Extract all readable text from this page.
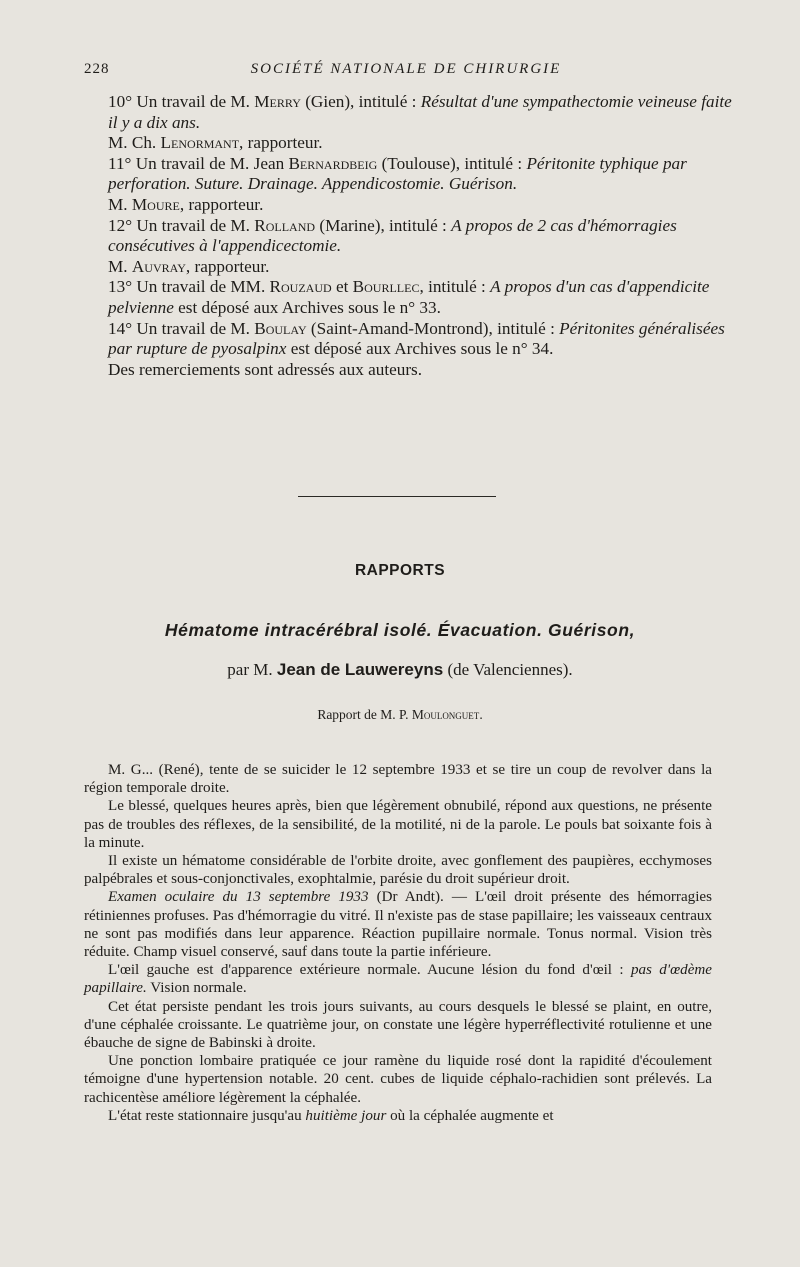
228	SOCIÉTÉ NATIONALE DE CHIRURGIE

10° Un travail de M. Merry (Gien), intitulé : Résultat d'une sympathectomie veineuse faite il y a dix ans.

M. Ch. Lenormant, rapporteur.

11° Un travail de M. Jean Bernardbeig (Toulouse), intitulé : Péritonite typhique par perforation. Suture. Drainage. Appendicostomie. Guérison.

M. Moure, rapporteur.

12° Un travail de M. Rolland (Marine), intitulé : A propos de 2 cas d'hémorragies consécutives à l'appendicectomie.

M. Auvray, rapporteur.

13° Un travail de MM. Rouzaud et Bourllec, intitulé : A propos d'un cas d'appendicite pelvienne est déposé aux Archives sous le n° 33.

14° Un travail de M. Boulay (Saint-Amand-Montrond), intitulé : Péritonites généralisées par rupture de pyosalpinx est déposé aux Archives sous le n° 34.

Des remerciements sont adressés aux auteurs.

RAPPORTS
Hématome intracérébral isolé. Évacuation. Guérison,
par M. Jean de Lauwereyns (de Valenciennes).
Rapport de M. P. Moulonguet.

M. G... (René), tente de se suicider le 12 septembre 1933 et se tire un coup de revolver dans la région temporale droite.

Le blessé, quelques heures après, bien que légèrement obnubilé, répond aux questions, ne présente pas de troubles des réflexes, de la sensibilité, de la motilité, ni de la parole. Le pouls bat soixante fois à la minute.

Il existe un hématome considérable de l'orbite droite, avec gonflement des paupières, ecchymoses palpébrales et sous-conjonctivales, exophtalmie, parésie du droit supérieur droit.

Examen oculaire du 13 septembre 1933 (Dr Andt). — L'œil droit présente des hémorragies rétiniennes profuses. Pas d'hémorragie du vitré. Il n'existe pas de stase papillaire; les vaisseaux centraux ne sont pas modifiés dans leur apparence. Réaction pupillaire normale. Tonus normal. Vision très réduite. Champ visuel conservé, sauf dans toute la partie inférieure.

L'œil gauche est d'apparence extérieure normale. Aucune lésion du fond d'œil : pas d'œdème papillaire. Vision normale.

Cet état persiste pendant les trois jours suivants, au cours desquels le blessé se plaint, en outre, d'une céphalée croissante. Le quatrième jour, on constate une légère hyperréflectivité rotulienne et une ébauche de signe de Babinski à droite.

Une ponction lombaire pratiquée ce jour ramène du liquide rosé dont la rapidité d'écoulement témoigne d'une hypertension notable. 20 cent. cubes de liquide céphalo-rachidien sont prélevés. La rachicentèse améliore légèrement la céphalée.

L'état reste stationnaire jusqu'au huitième jour où la céphalée augmente et
